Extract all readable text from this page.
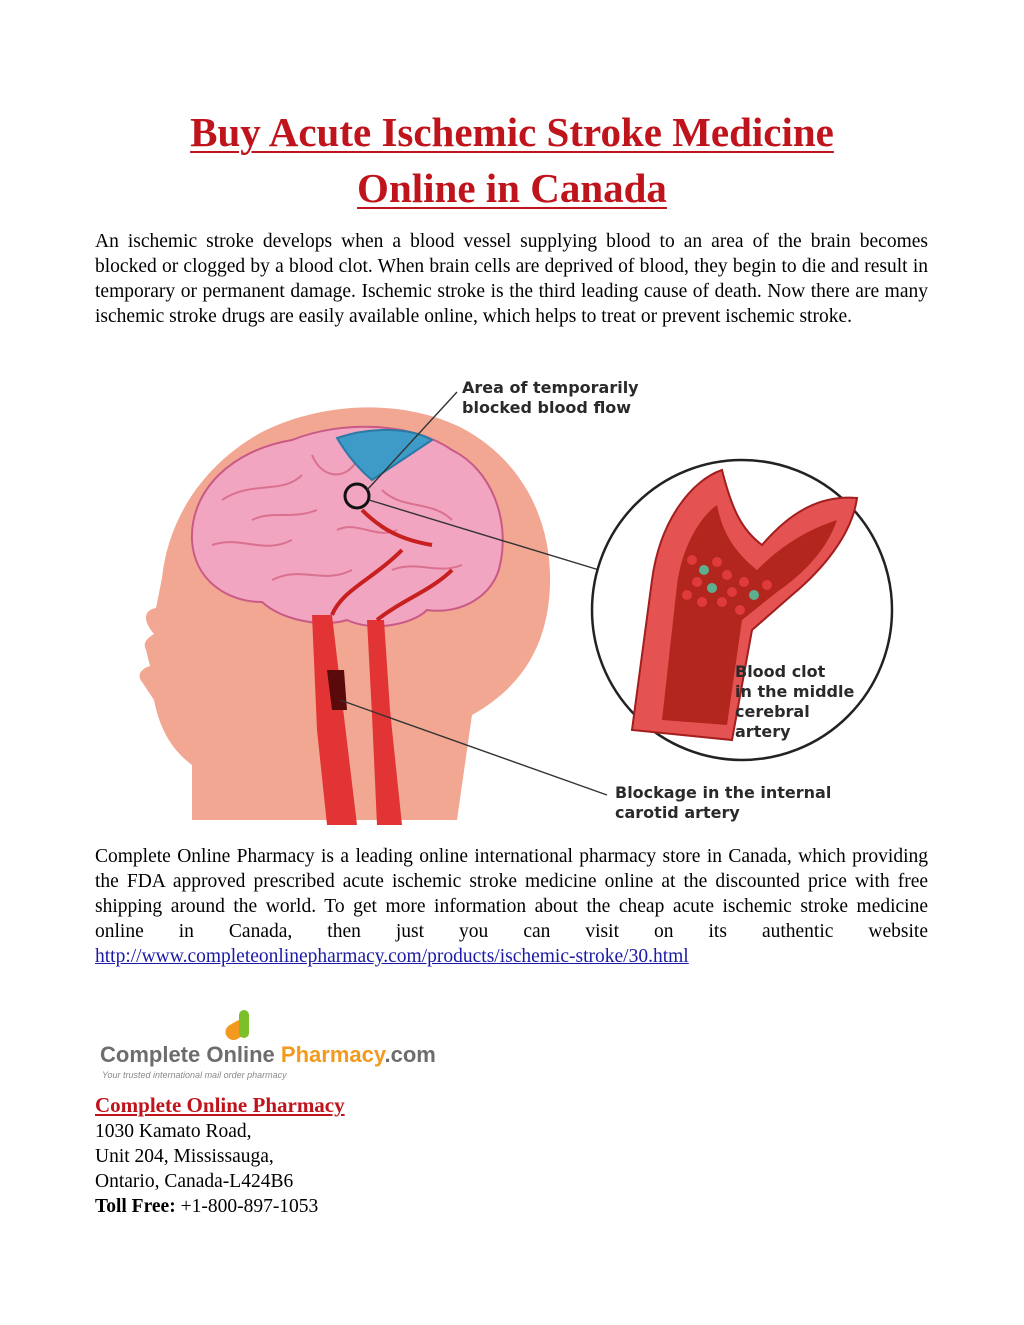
Buy Acute Ischemic Stroke Medicine
Online in Canada

An ischemic stroke develops when a blood vessel supplying blood to an area of the brain becomes blocked or clogged by a blood clot. When brain cells are deprived of blood, they begin to die and result in temporary or permanent damage. Ischemic stroke is the third leading cause of death. Now there are many ischemic stroke drugs are easily available online, which helps to treat or prevent ischemic stroke.

Area of temporarily
blocked blood flow
Blood clot
in the middle
cerebral
artery
Blockage in the internal
carotid artery

Complete Online Pharmacy is a leading online international pharmacy store in Canada, which providing the FDA approved prescribed acute ischemic stroke medicine online at the discounted price with free shipping around the world. To get more information about the cheap acute ischemic stroke medicine online in Canada, then just you can visit on its authentic website http://www.completeonlinepharmacy.com/products/ischemic-stroke/30.html

Complete Online Pharmacy.com
Your trusted international mail order pharmacy
Complete Online Pharmacy
1030 Kamato Road,
Unit 204, Mississauga,
Ontario, Canada-L424B6
Toll Free: +1-800-897-1053
